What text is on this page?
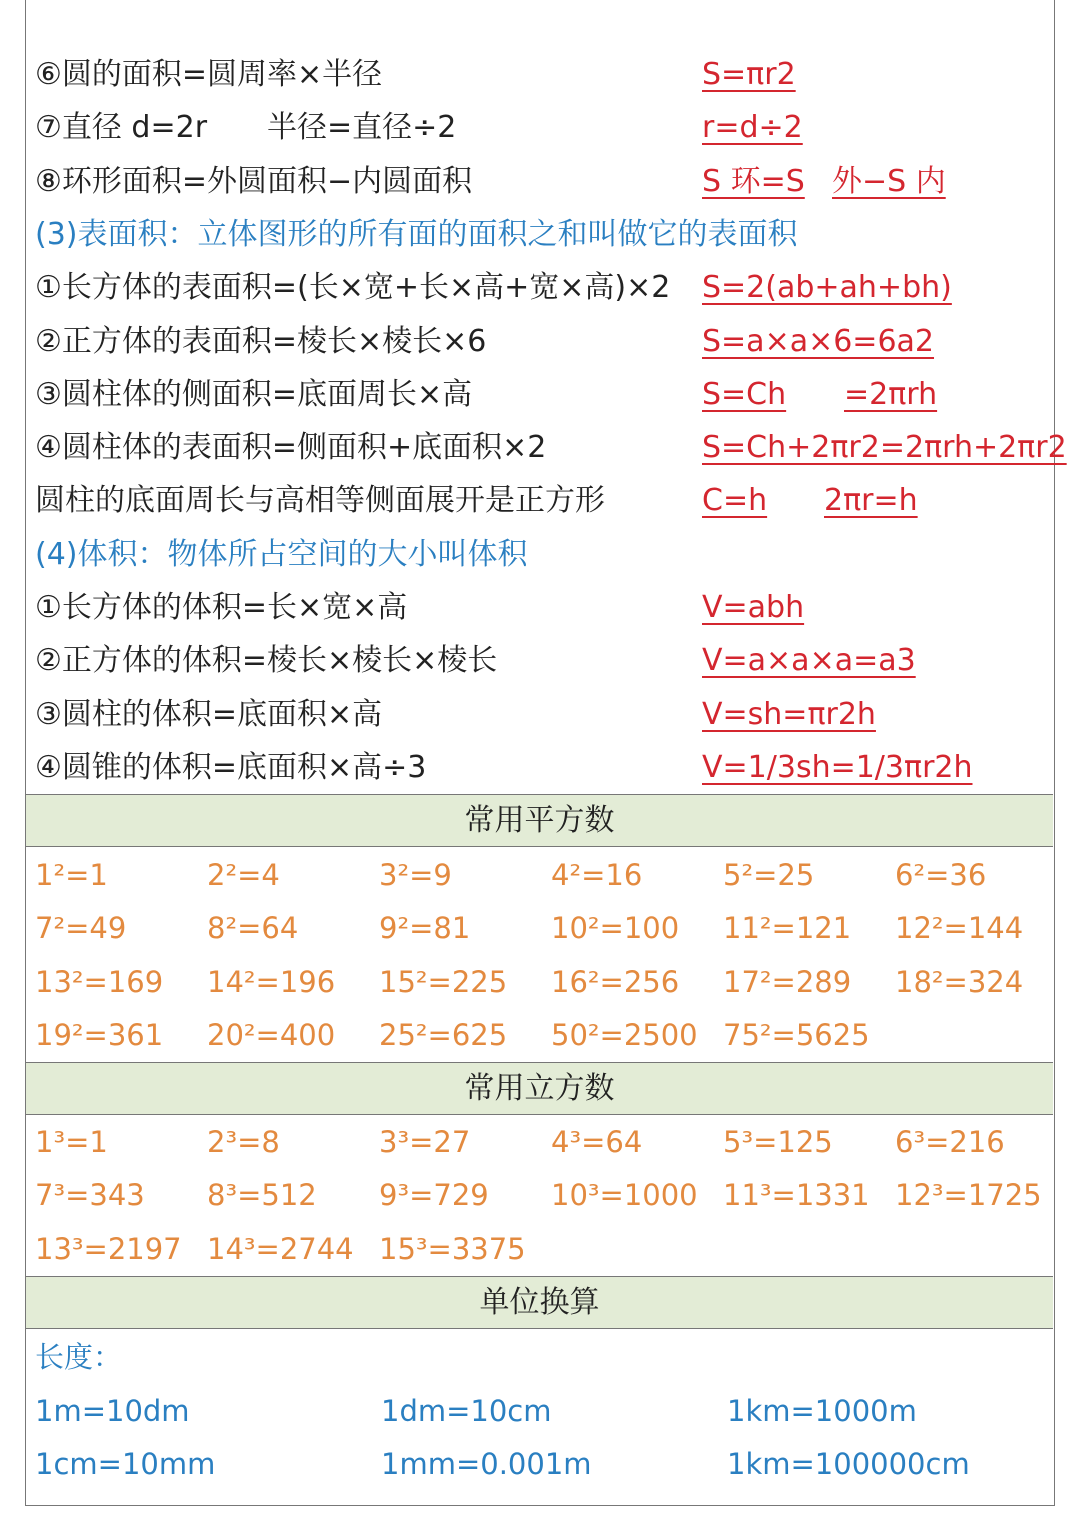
⑥圆的面积=圆周率×半径	S=πr2
⑦直径 d=2r　　半径=直径÷2	r=d÷2
⑧环形面积=外圆面积−内圆面积	S 环=S 外−S 内
(3)表面积：立体图形的所有面的面积之和叫做它的表面积
①长方体的表面积=(长×宽+长×高+宽×高)×2 S=2(ab+ah+bh)
②正方体的表面积=棱长×棱长×6	S=a×a×6=6a2
③圆柱体的侧面积=底面周长×高	S=Ch =2πrh
④圆柱体的表面积=侧面积+底面积×2	S=Ch+2πr2=2πrh+2πr2
圆柱的底面周长与高相等侧面展开是正方形	C=h 2πr=h
(4)体积：物体所占空间的大小叫体积
①长方体的体积=长×宽×高	V=abh
②正方体的体积=棱长×棱长×棱长	V=a×a×a=a3
③圆柱的体积=底面积×高	V=sh=πr2h
④圆锥的体积=底面积×高÷3	V=1/3sh=1/3πr2h
常用平方数
1²=1	2²=4	3²=9	4²=16	5²=25	6²=36
7²=49	8²=64	9²=81	10²=100	11²=121	12²=144
13²=169	14²=196	15²=225	16²=256	17²=289	18²=324
19²=361	20²=400	25²=625	50²=2500 75²=5625
常用立方数
1³=1	2³=8	3³=27	4³=64	5³=125	6³=216
7³=343	8³=512	9³=729	10³=1000 11³=1331 12³=1725
13³=2197 14³=2744 15³=3375
单位换算
长度：
1m=10dm	1dm=10cm	1km=1000m
1cm=10mm	1mm=0.001m	1km=100000cm
